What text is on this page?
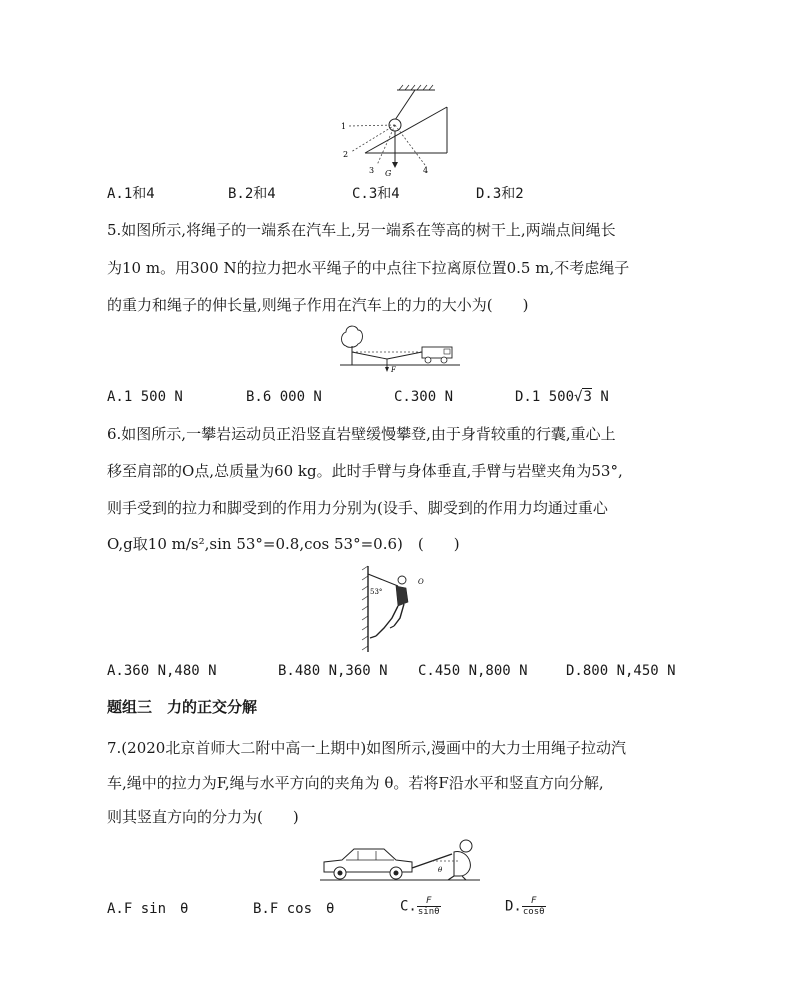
1
2
3 G	4
A.1和4	B.2和4	C.3和4	D.3和2
5.如图所示,将绳子的一端系在汽车上,另一端系在等高的树干上,两端点间绳长
为10 m。用300 N的拉力把水平绳子的中点往下拉离原位置0.5 m,不考虑绳子
的重力和绳子的伸长量,则绳子作用在汽车上的力的大小为(　　)
F
A.1 500 N	B.6 000 N	C.300 N	D.1 500√3 N
6.如图所示,一攀岩运动员正沿竖直岩壁缓慢攀登,由于身背较重的行囊,重心上
移至肩部的O点,总质量为60 kg。此时手臂与身体垂直,手臂与岩壁夹角为53°,
则手受到的拉力和脚受到的作用力分别为(设手、脚受到的作用力均通过重心
O,g取10 m/s²,sin 53°=0.8,cos 53°=0.6)　(　　)
53°
O
A.360 N,480 N	B.480 N,360 N C.450 N,800 N	D.800 N,450 N
题组三　力的正交分解
7.(2020北京首师大二附中高一上期中)如图所示,漫画中的大力士用绳子拉动汽
车,绳中的拉力为F,绳与水平方向的夹角为 θ。若将F沿水平和竖直方向分解,
则其竖直方向的分力为(　　)
θ
A.F sin　θ	B.F cos　θ	C. $\frac{F}{\sin\theta}$	D. $\frac{F}{\cos\theta}$
